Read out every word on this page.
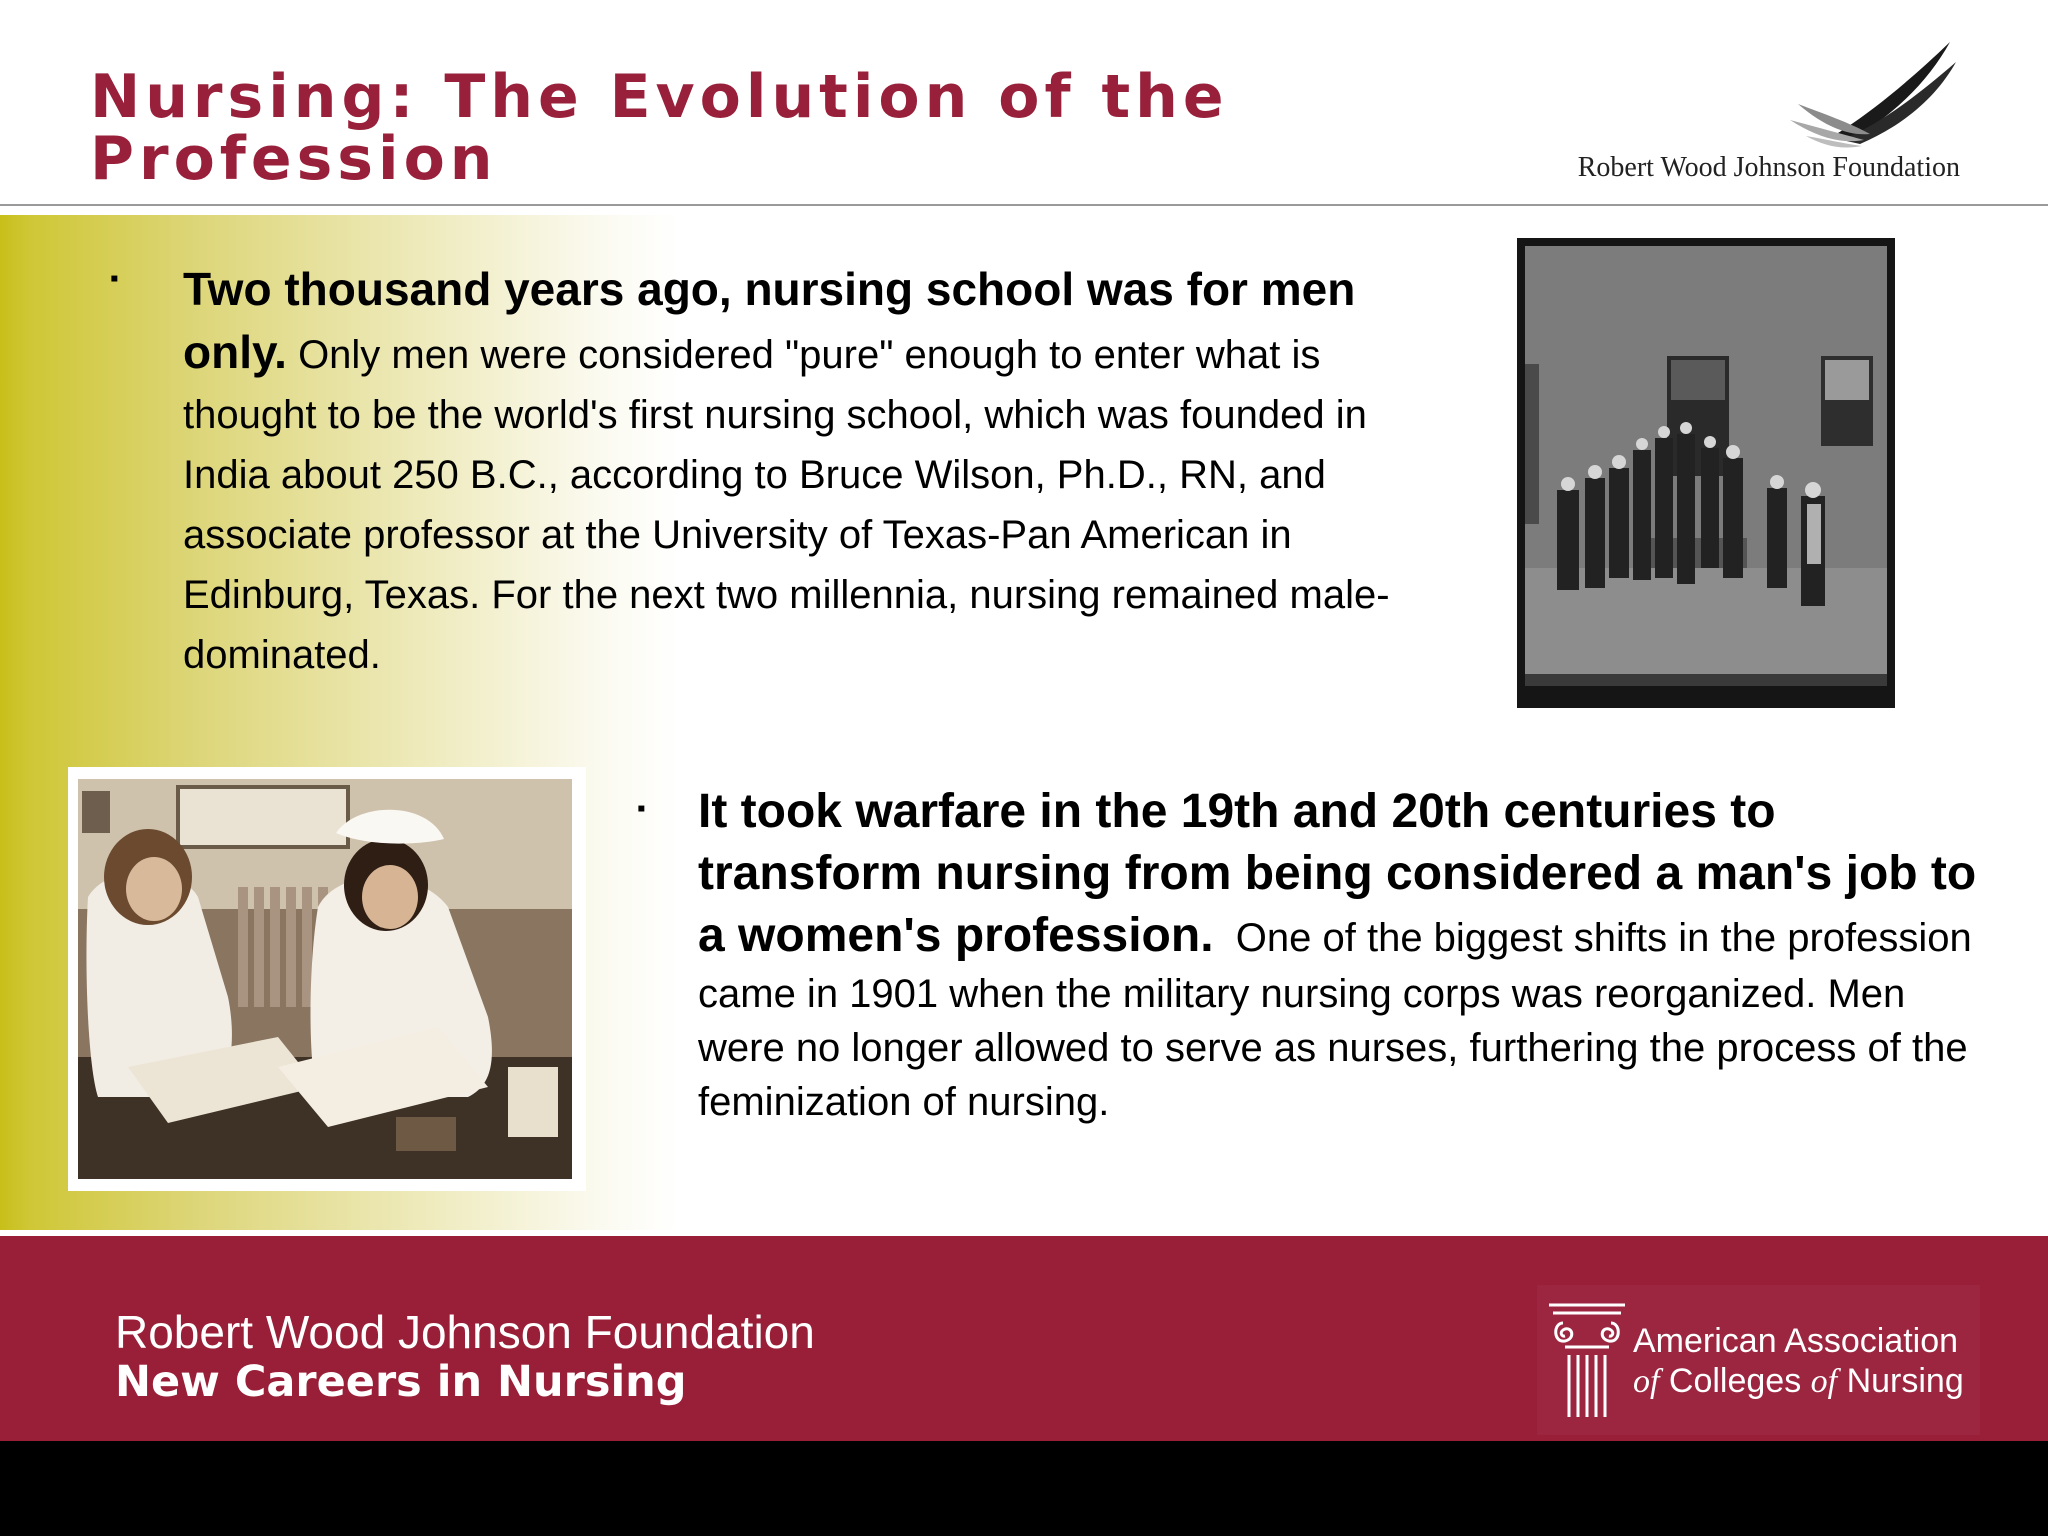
Nursing: The Evolution of the
Profession	Robert Wood Johnson Foundation
▪ Two thousand years ago, nursing school was for men only. Only men were considered "pure" enough to enter what is thought to be the world's first nursing school, which was founded in India about 250 B.C., according to Bruce Wilson, Ph.D., RN, and associate professor at the University of Texas-Pan American in Edinburg, Texas. For the next two millennia, nursing remained male-dominated.
▪ It took warfare in the 19th and 20th centuries to transform nursing from being considered a man's job to a women's profession. One of the biggest shifts in the profession came in 1901 when the military nursing corps was reorganized. Men were no longer allowed to serve as nurses, furthering the process of the feminization of nursing.
Robert Wood Johnson Foundation
New Careers in Nursing
American Association
of Colleges of Nursing
